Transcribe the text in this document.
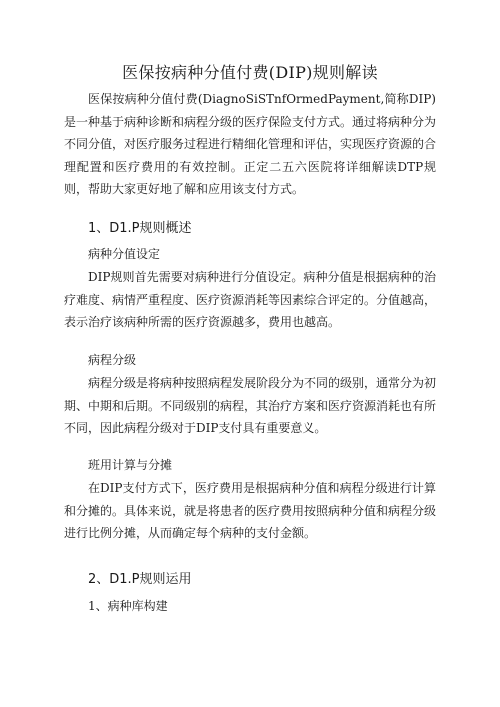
医保按病种分值付费(DIP)规则解读

医保按病种分值付费(DiagnoSiSTnfOrmedPayment,简称DIP)是一种基于病种诊断和病程分级的医疗保险支付方式。通过将病种分为不同分值，对医疗服务过程进行精细化管理和评估，实现医疗资源的合理配置和医疗费用的有效控制。正定二五六医院将详细解读DTP规则，帮助大家更好地了解和应用该支付方式。

1、D1.P规则概述
病种分值设定

DIP规则首先需要对病种进行分值设定。病种分值是根据病种的治疗难度、病情严重程度、医疗资源消耗等因素综合评定的。分值越高，表示治疗该病种所需的医疗资源越多，费用也越高。

病程分级

病程分级是将病种按照病程发展阶段分为不同的级别，通常分为初期、中期和后期。不同级别的病程，其治疗方案和医疗资源消耗也有所不同，因此病程分级对于DIP支付具有重要意义。

班用计算与分摊

在DIP支付方式下，医疗费用是根据病种分值和病程分级进行计算和分摊的。具体来说，就是将患者的医疗费用按照病种分值和病程分级进行比例分摊，从而确定每个病种的支付金额。

2、D1.P规则运用
1、病种库构建
